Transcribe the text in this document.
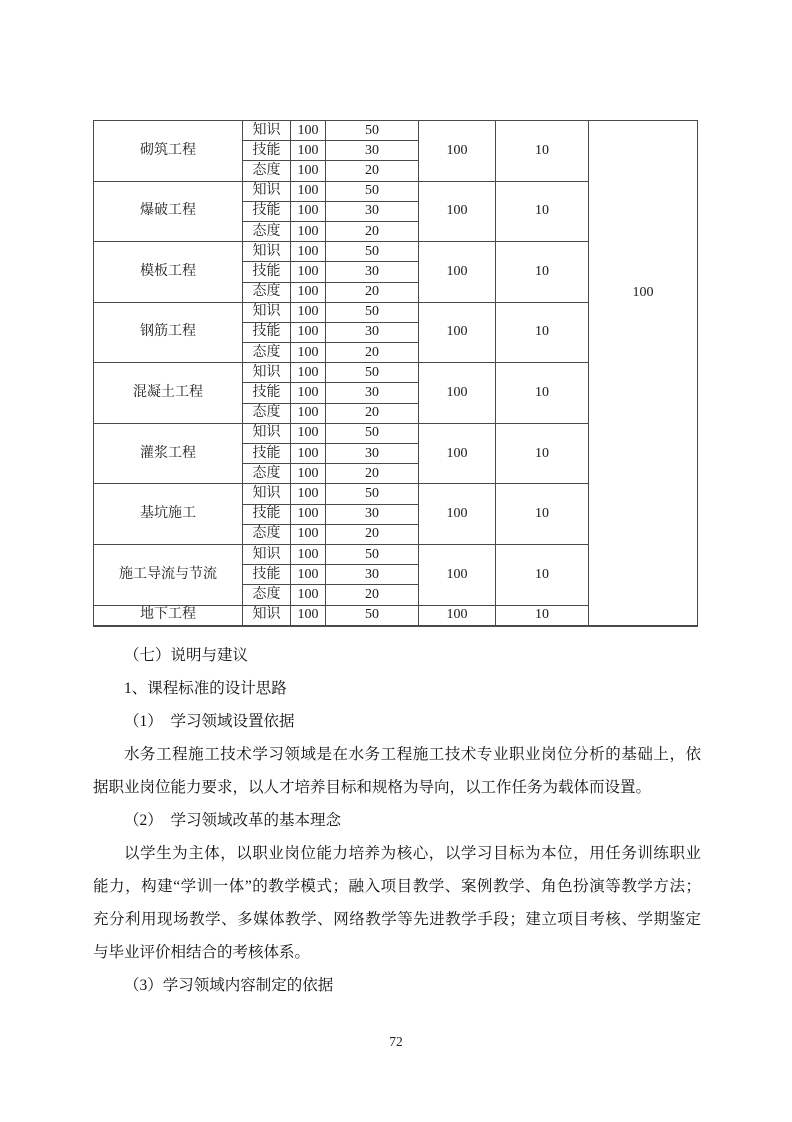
砌筑工程	知识	100	50	100	10	100

	技能	100	30			
	态度	100	20			
爆破工程	知识	100	50	100	10	
	技能	100	30			
	态度	100	20			
模板工程	知识	100	50	100	10	
	技能	100	30			
	态度	100	20			
钢筋工程	知识	100	50	100	10	
	技能	100	30			
	态度	100	20			
混凝土工程	知识	100	50	100	10	
	技能	100	30			
	态度	100	20			
灌浆工程	知识	100	50	100	10	
	技能	100	30			
	态度	100	20			
基坑施工	知识	100	50	100	10	
	技能	100	30			
	态度	100	20			
施工导流与节流	知识	100	50	100	10	
	技能	100	30			
	态度	100	20			
地下工程	知识	100	50	100	10	
（七）说明与建议
1、课程标准的设计思路
（1）　学习领域设置依据
水务工程施工技术学习领域是在水务工程施工技术专业职业岗位分析的基础上，依
据职业岗位能力要求，以人才培养目标和规格为导向，以工作任务为载体而设置。
（2）　学习领域改革的基本理念
以学生为主体，以职业岗位能力培养为核心，以学习目标为本位，用任务训练职业
能力，构建“学训一体”的教学模式；融入项目教学、案例教学、角色扮演等教学方法；
充分利用现场教学、多媒体教学、网络教学等先进教学手段；建立项目考核、学期鉴定
与毕业评价相结合的考核体系。
（3）学习领域内容制定的依据
72
